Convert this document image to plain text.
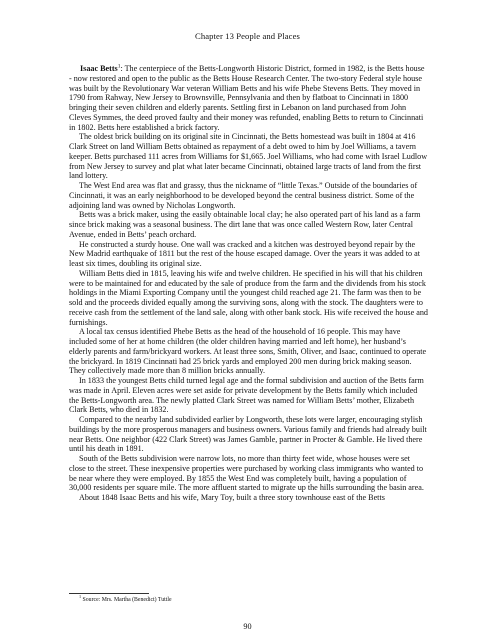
Chapter 13 People and Places

Isaac Betts$^1$: The centerpiece of the Betts-Longworth Historic District, formed in 1982, is the Betts house - now restored and open to the public as the Betts House Research Center. The two-story Federal style house was built by the Revolutionary War veteran William Betts and his wife Phebe Stevens Betts. They moved in 1790 from Rahway, New Jersey to Brownsville, Pennsylvania and then by flatboat to Cincinnati in 1800 bringing their seven children and elderly parents. Settling first in Lebanon on land purchased from John Cleves Symmes, the deed proved faulty and their money was refunded, enabling Betts to return to Cincinnati in 1802. Betts here established a brick factory.

The oldest brick building on its original site in Cincinnati, the Betts homestead was built in 1804 at 416 Clark Street on land William Betts obtained as repayment of a debt owed to him by Joel Williams, a tavern keeper. Betts purchased 111 acres from Williams for $1,665. Joel Williams, who had come with Israel Ludlow from New Jersey to survey and plat what later became Cincinnati, obtained large tracts of land from the first land lottery.

The West End area was flat and grassy, thus the nickname of “little Texas.” Outside of the boundaries of Cincinnati, it was an early neighborhood to be developed beyond the central business district. Some of the adjoining land was owned by Nicholas Longworth.

Betts was a brick maker, using the easily obtainable local clay; he also operated part of his land as a farm since brick making was a seasonal business. The dirt lane that was once called Western Row, later Central Avenue, ended in Betts’ peach orchard.

He constructed a sturdy house. One wall was cracked and a kitchen was destroyed beyond repair by the New Madrid earthquake of 1811 but the rest of the house escaped damage. Over the years it was added to at least six times, doubling its original size.

William Betts died in 1815, leaving his wife and twelve children. He specified in his will that his children were to be maintained for and educated by the sale of produce from the farm and the dividends from his stock holdings in the Miami Exporting Company until the youngest child reached age 21. The farm was then to be sold and the proceeds divided equally among the surviving sons, along with the stock. The daughters were to receive cash from the settlement of the land sale, along with other bank stock. His wife received the house and furnishings.

A local tax census identified Phebe Betts as the head of the household of 16 people. This may have included some of her at home children (the older children having married and left home), her husband’s elderly parents and farm/brickyard workers. At least three sons, Smith, Oliver, and Isaac, continued to operate the brickyard. In 1819 Cincinnati had 25 brick yards and employed 200 men during brick making season. They collectively made more than 8 million bricks annually.

In 1833 the youngest Betts child turned legal age and the formal subdivision and auction of the Betts farm was made in April. Eleven acres were set aside for private development by the Betts family which included the Betts-Longworth area. The newly platted Clark Street was named for William Betts’ mother, Elizabeth Clark Betts, who died in 1832.

Compared to the nearby land subdivided earlier by Longworth, these lots were larger, encouraging stylish buildings by the more prosperous managers and business owners. Various family and friends had already built near Betts. One neighbor (422 Clark Street) was James Gamble, partner in Procter & Gamble. He lived there until his death in 1891.

South of the Betts subdivision were narrow lots, no more than thirty feet wide, whose houses were set close to the street. These inexpensive properties were purchased by working class immigrants who wanted to be near where they were employed. By 1855 the West End was completely built, having a population of 30,000 residents per square mile. The more affluent started to migrate up the hills surrounding the basin area.

About 1848 Isaac Betts and his wife, Mary Toy, built a three story townhouse east of the Betts

$^1$ Source: Mrs. Martha (Benedict) Tuttle
90
